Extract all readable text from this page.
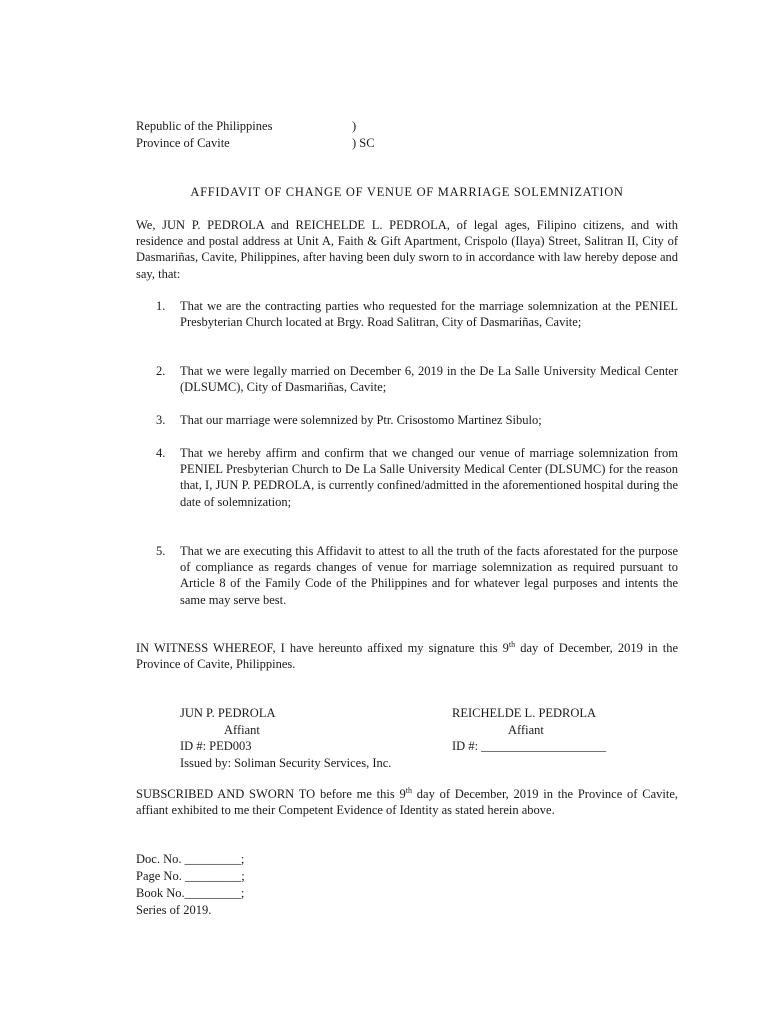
Republic of the Philippines	)
Province of Cavite	) SC
AFFIDAVIT OF CHANGE OF VENUE OF MARRIAGE SOLEMNIZATION
We, JUN P. PEDROLA and REICHELDE L. PEDROLA, of legal ages, Filipino citizens, and with residence and postal address at Unit A, Faith & Gift Apartment, Crispolo (Ilaya) Street, Salitran II, City of Dasmariñas, Cavite, Philippines, after having been duly sworn to in accordance with law hereby depose and say, that:
1.	That we are the contracting parties who requested for the marriage solemnization at the PENIEL Presbyterian Church located at Brgy. Road Salitran, City of Dasmariñas, Cavite;
2.	That we were legally married on December 6, 2019 in the De La Salle University Medical Center (DLSUMC), City of Dasmariñas, Cavite;
3.	That our marriage were solemnized by Ptr. Crisostomo Martinez Sibulo;
4.	That we hereby affirm and confirm that we changed our venue of marriage solemnization from PENIEL Presbyterian Church to De La Salle University Medical Center (DLSUMC) for the reason that, I, JUN P. PEDROLA, is currently confined/admitted in the aforementioned hospital during the date of solemnization;
5.	That we are executing this Affidavit to attest to all the truth of the facts aforestated for the purpose of compliance as regards changes of venue for marriage solemnization as required pursuant to Article 8 of the Family Code of the Philippines and for whatever legal purposes and intents the same may serve best.
IN WITNESS WHEREOF, I have hereunto affixed my signature this 9th day of December, 2019 in the Province of Cavite, Philippines.
JUN P. PEDROLA
Affiant
ID #: PED003
Issued by: Soliman Security Services, Inc.
REICHELDE L. PEDROLA
Affiant
ID #: ____________________
SUBSCRIBED AND SWORN TO before me this 9th day of December, 2019 in the Province of Cavite, affiant exhibited to me their Competent Evidence of Identity as stated herein above.
Doc. No. _________;
Page No. _________;
Book No._________;
Series of 2019.
